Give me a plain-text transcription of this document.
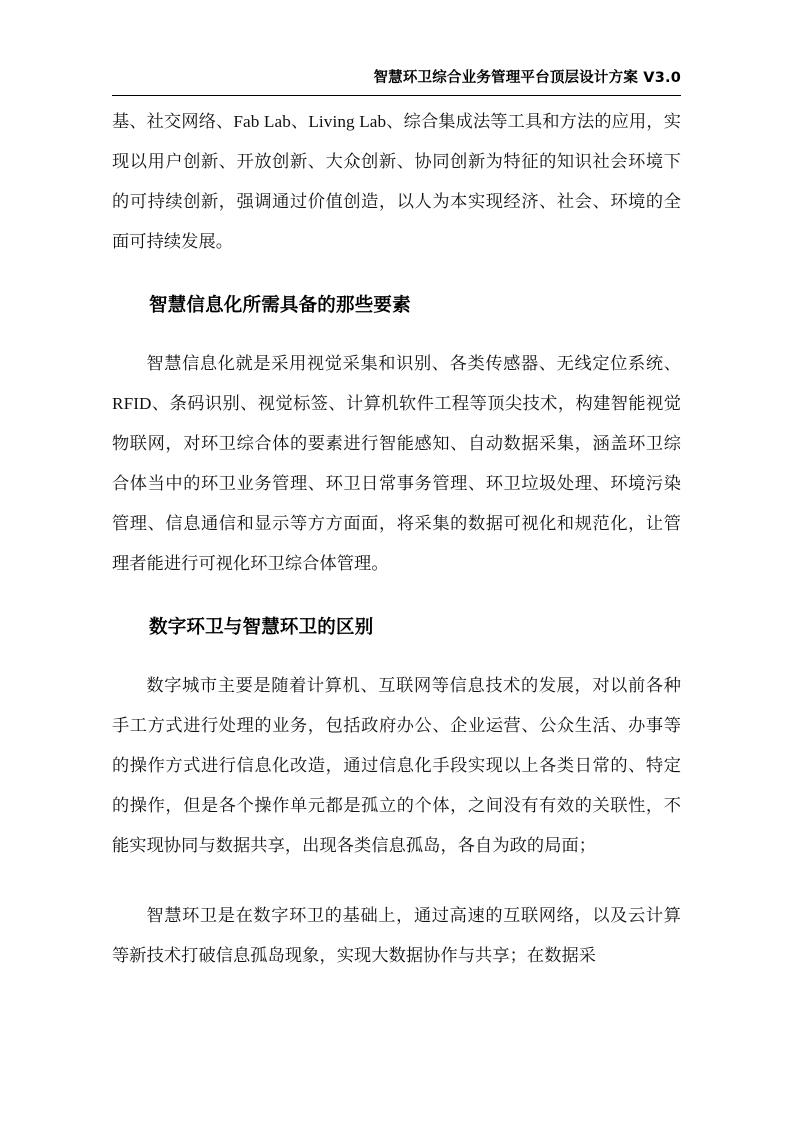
智慧环卫综合业务管理平台顶层设计方案 V3.0

基、社交网络、Fab Lab、Living Lab、综合集成法等工具和方法的应用，实现以用户创新、开放创新、大众创新、协同创新为特征的知识社会环境下的可持续创新，强调通过价值创造，以人为本实现经济、社会、环境的全面可持续发展。

智慧信息化所需具备的那些要素

智慧信息化就是采用视觉采集和识别、各类传感器、无线定位系统、RFID、条码识别、视觉标签、计算机软件工程等顶尖技术，构建智能视觉物联网，对环卫综合体的要素进行智能感知、自动数据采集，涵盖环卫综合体当中的环卫业务管理、环卫日常事务管理、环卫垃圾处理、环境污染管理、信息通信和显示等方方面面，将采集的数据可视化和规范化，让管理者能进行可视化环卫综合体管理。

数字环卫与智慧环卫的区别

数字城市主要是随着计算机、互联网等信息技术的发展，对以前各种手工方式进行处理的业务，包括政府办公、企业运营、公众生活、办事等的操作方式进行信息化改造，通过信息化手段实现以上各类日常的、特定的操作，但是各个操作单元都是孤立的个体，之间没有有效的关联性，不能实现协同与数据共享，出现各类信息孤岛，各自为政的局面；

智慧环卫是在数字环卫的基础上，通过高速的互联网络，以及云计算等新技术打破信息孤岛现象，实现大数据协作与共享；在数据采
